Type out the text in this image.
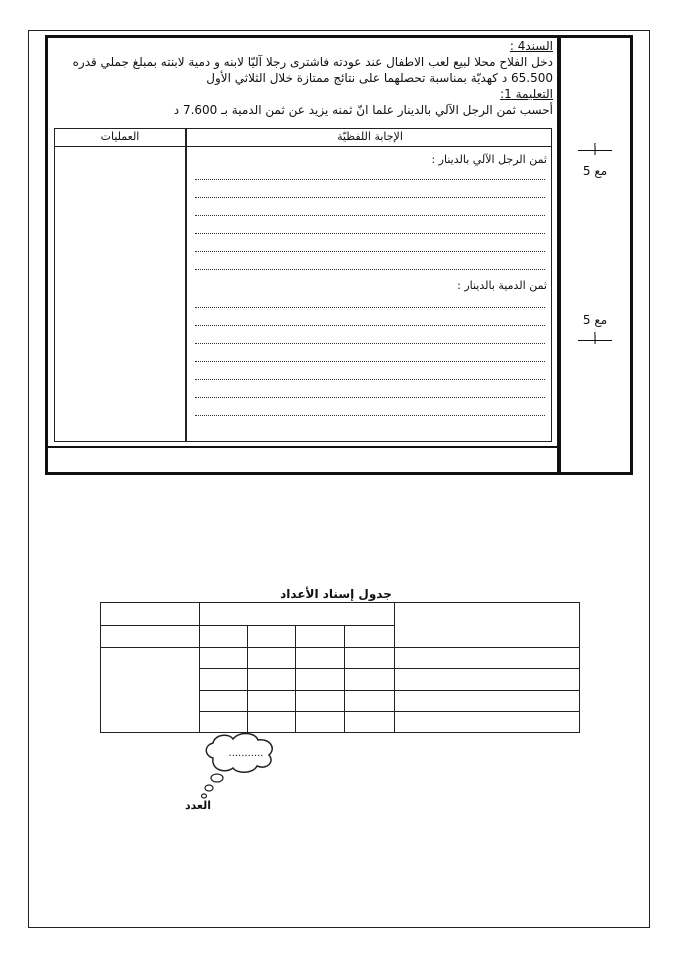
السند4 :
دخل الفلاح محلا لبيع لعب الاطفال عند عودته فاشترى رجلا آليّا لابنه و دمية لابنته بمبلغ جملي قدره
65.500 د كهديّة بمناسبة تحصلهما على نتائج ممتازة خلال الثلاثي الأول
التعليمة 1:
أحسب ثمن الرجل الآلي بالدينار علما انّ ثمنه يزيد عن ثمن الدمية بـ 7.600 د
العمليات	الإجابة اللفظيّة
ثمن الرجل الآلي بالدينار :
ثمن الدمية بالدينار :
أ
مع 5
مع 5
أ
جدول إسناد الأعداد
...........
العدد
